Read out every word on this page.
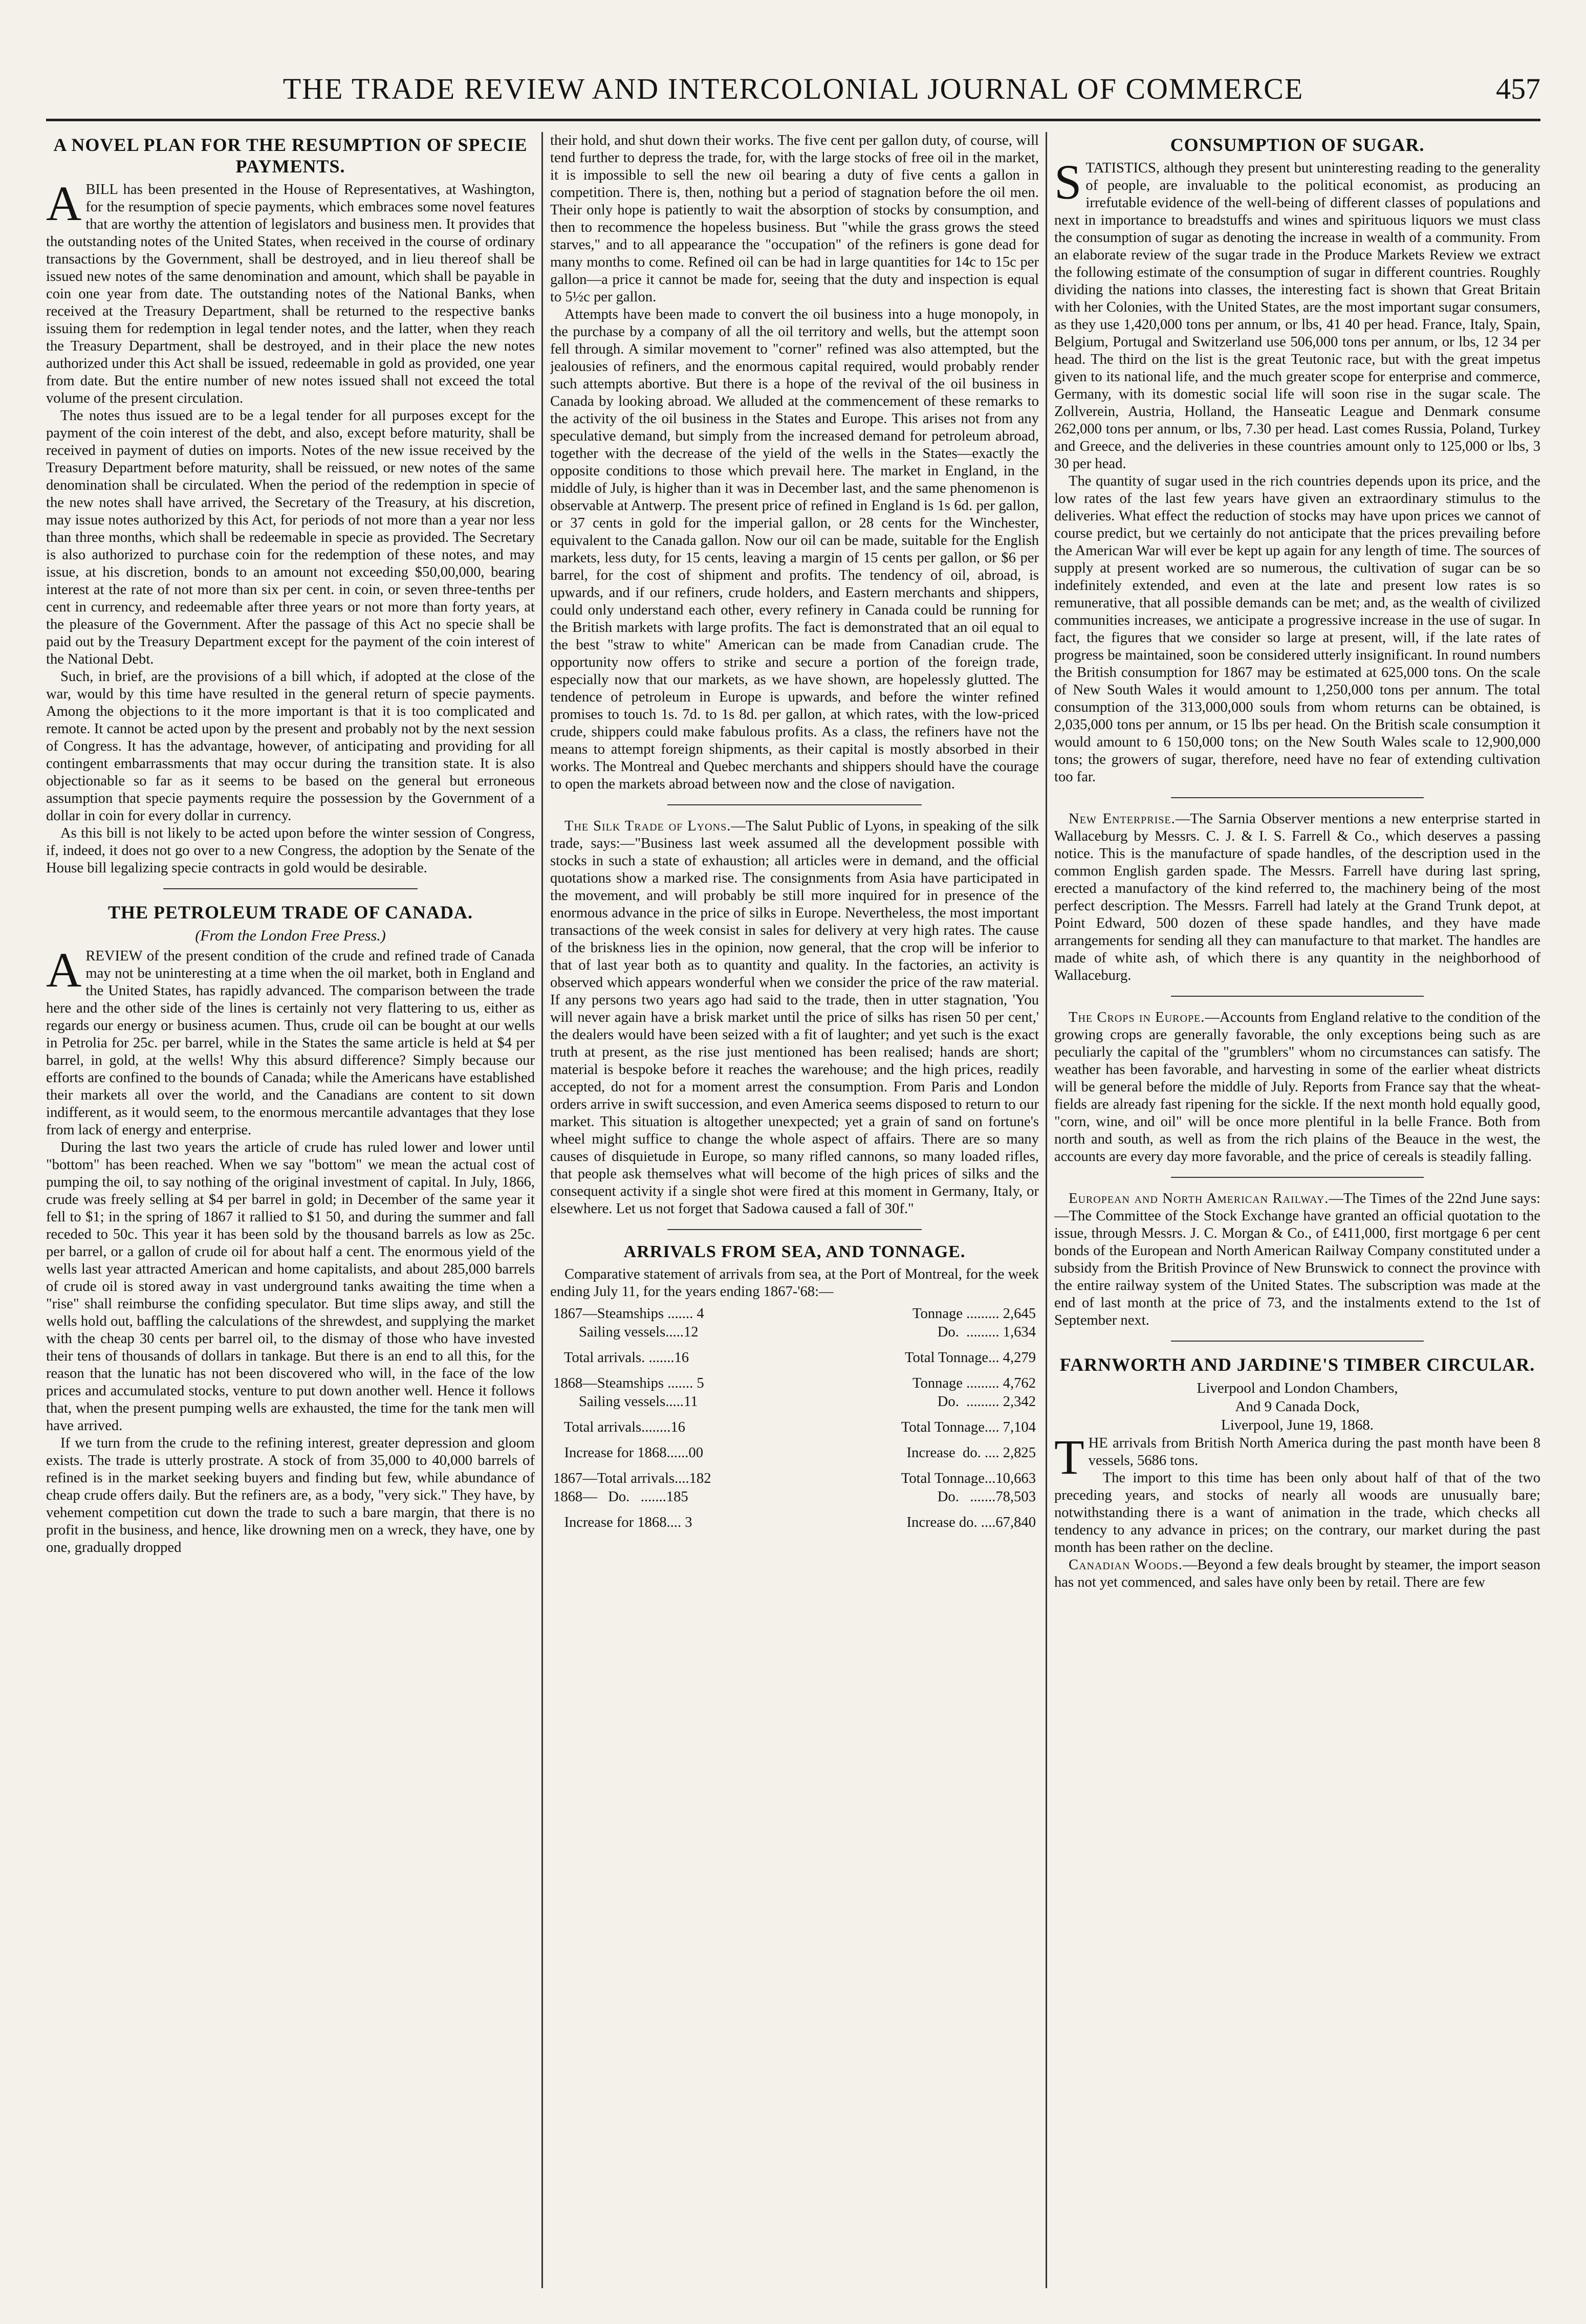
THE TRADE REVIEW AND INTERCOLONIAL JOURNAL OF COMMERCE	457
A NOVEL PLAN FOR THE RESUMPTION OF SPECIE PAYMENTS.

ABILL has been presented in the House of Representatives, at Washington, for the resumption of specie payments, which embraces some novel features that are worthy the attention of legislators and business men. It provides that the outstanding notes of the United States, when received in the course of ordinary transactions by the Government, shall be destroyed, and in lieu thereof shall be issued new notes of the same denomination and amount, which shall be payable in coin one year from date. The outstanding notes of the National Banks, when received at the Treasury Department, shall be returned to the respective banks issuing them for redemption in legal tender notes, and the latter, when they reach the Treasury Department, shall be destroyed, and in their place the new notes authorized under this Act shall be issued, redeemable in gold as provided, one year from date. But the entire number of new notes issued shall not exceed the total volume of the present circulation.

The notes thus issued are to be a legal tender for all purposes except for the payment of the coin interest of the debt, and also, except before maturity, shall be received in payment of duties on imports. Notes of the new issue received by the Treasury Department before maturity, shall be reissued, or new notes of the same denomination shall be circulated. When the period of the redemption in specie of the new notes shall have arrived, the Secretary of the Treasury, at his discretion, may issue notes authorized by this Act, for periods of not more than a year nor less than three months, which shall be redeemable in specie as provided. The Secretary is also authorized to purchase coin for the redemption of these notes, and may issue, at his discretion, bonds to an amount not exceeding $50,00,000, bearing interest at the rate of not more than six per cent. in coin, or seven three-tenths per cent in currency, and redeemable after three years or not more than forty years, at the pleasure of the Government. After the passage of this Act no specie shall be paid out by the Treasury Department except for the payment of the coin interest of the National Debt.

Such, in brief, are the provisions of a bill which, if adopted at the close of the war, would by this time have resulted in the general return of specie payments. Among the objections to it the more important is that it is too complicated and remote. It cannot be acted upon by the present and probably not by the next session of Congress. It has the advantage, however, of anticipating and providing for all contingent embarrassments that may occur during the transition state. It is also objectionable so far as it seems to be based on the general but erroneous assumption that specie payments require the possession by the Government of a dollar in coin for every dollar in currency.

As this bill is not likely to be acted upon before the winter session of Congress, if, indeed, it does not go over to a new Congress, the adoption by the Senate of the House bill legalizing specie contracts in gold would be desirable.

THE PETROLEUM TRADE OF CANADA.
(From the London Free Press.)

AREVIEW of the present condition of the crude and refined trade of Canada may not be uninteresting at a time when the oil market, both in England and the United States, has rapidly advanced. The comparison between the trade here and the other side of the lines is certainly not very flattering to us, either as regards our energy or business acumen. Thus, crude oil can be bought at our wells in Petrolia for 25c. per barrel, while in the States the same article is held at $4 per barrel, in gold, at the wells! Why this absurd difference? Simply because our efforts are confined to the bounds of Canada; while the Americans have established their markets all over the world, and the Canadians are content to sit down indifferent, as it would seem, to the enormous mercantile advantages that they lose from lack of energy and enterprise.

During the last two years the article of crude has ruled lower and lower until "bottom" has been reached. When we say "bottom" we mean the actual cost of pumping the oil, to say nothing of the original investment of capital. In July, 1866, crude was freely selling at $4 per barrel in gold; in December of the same year it fell to $1; in the spring of 1867 it rallied to $1 50, and during the summer and fall receded to 50c. This year it has been sold by the thousand barrels as low as 25c. per barrel, or a gallon of crude oil for about half a cent. The enormous yield of the wells last year attracted American and home capitalists, and about 285,000 barrels of crude oil is stored away in vast underground tanks awaiting the time when a "rise" shall reimburse the confiding speculator. But time slips away, and still the wells hold out, baffling the calculations of the shrewdest, and supplying the market with the cheap 30 cents per barrel oil, to the dismay of those who have invested their tens of thousands of dollars in tankage. But there is an end to all this, for the reason that the lunatic has not been discovered who will, in the face of the low prices and accumulated stocks, venture to put down another well. Hence it follows that, when the present pumping wells are exhausted, the time for the tank men will have arrived.

If we turn from the crude to the refining interest, greater depression and gloom exists. The trade is utterly prostrate. A stock of from 35,000 to 40,000 barrels of refined is in the market seeking buyers and finding but few, while abundance of cheap crude offers daily. But the refiners are, as a body, "very sick." They have, by vehement competition cut down the trade to such a bare margin, that there is no profit in the business, and hence, like drowning men on a wreck, they have, one by one, gradually dropped

their hold, and shut down their works. The five cent per gallon duty, of course, will tend further to depress the trade, for, with the large stocks of free oil in the market, it is impossible to sell the new oil bearing a duty of five cents a gallon in competition. There is, then, nothing but a period of stagnation before the oil men. Their only hope is patiently to wait the absorption of stocks by consumption, and then to recommence the hopeless business. But "while the grass grows the steed starves," and to all appearance the "occupation" of the refiners is gone dead for many months to come. Refined oil can be had in large quantities for 14c to 15c per gallon—a price it cannot be made for, seeing that the duty and inspection is equal to 5½c per gallon.

Attempts have been made to convert the oil business into a huge monopoly, in the purchase by a company of all the oil territory and wells, but the attempt soon fell through. A similar movement to "corner" refined was also attempted, but the jealousies of refiners, and the enormous capital required, would probably render such attempts abortive. But there is a hope of the revival of the oil business in Canada by looking abroad. We alluded at the commencement of these remarks to the activity of the oil business in the States and Europe. This arises not from any speculative demand, but simply from the increased demand for petroleum abroad, together with the decrease of the yield of the wells in the States—exactly the opposite conditions to those which prevail here. The market in England, in the middle of July, is higher than it was in December last, and the same phenomenon is observable at Antwerp. The present price of refined in England is 1s 6d. per gallon, or 37 cents in gold for the imperial gallon, or 28 cents for the Winchester, equivalent to the Canada gallon. Now our oil can be made, suitable for the English markets, less duty, for 15 cents, leaving a margin of 15 cents per gallon, or $6 per barrel, for the cost of shipment and profits. The tendency of oil, abroad, is upwards, and if our refiners, crude holders, and Eastern merchants and shippers, could only understand each other, every refinery in Canada could be running for the British markets with large profits. The fact is demonstrated that an oil equal to the best "straw to white" American can be made from Canadian crude. The opportunity now offers to strike and secure a portion of the foreign trade, especially now that our markets, as we have shown, are hopelessly glutted. The tendence of petroleum in Europe is upwards, and before the winter refined promises to touch 1s. 7d. to 1s 8d. per gallon, at which rates, with the low-priced crude, shippers could make fabulous profits. As a class, the refiners have not the means to attempt foreign shipments, as their capital is mostly absorbed in their works. The Montreal and Quebec merchants and shippers should have the courage to open the markets abroad between now and the close of navigation.

The Silk Trade of Lyons.—The Salut Public of Lyons, in speaking of the silk trade, says:—"Business last week assumed all the development possible with stocks in such a state of exhaustion; all articles were in demand, and the official quotations show a marked rise. The consignments from Asia have participated in the movement, and will probably be still more inquired for in presence of the enormous advance in the price of silks in Europe. Nevertheless, the most important transactions of the week consist in sales for delivery at very high rates. The cause of the briskness lies in the opinion, now general, that the crop will be inferior to that of last year both as to quantity and quality. In the factories, an activity is observed which appears wonderful when we consider the price of the raw material. If any persons two years ago had said to the trade, then in utter stagnation, 'You will never again have a brisk market until the price of silks has risen 50 per cent,' the dealers would have been seized with a fit of laughter; and yet such is the exact truth at present, as the rise just mentioned has been realised; hands are short; material is bespoke before it reaches the warehouse; and the high prices, readily accepted, do not for a moment arrest the consumption. From Paris and London orders arrive in swift succession, and even America seems disposed to return to our market. This situation is altogether unexpected; yet a grain of sand on fortune's wheel might suffice to change the whole aspect of affairs. There are so many causes of disquietude in Europe, so many rifled cannons, so many loaded rifles, that people ask themselves what will become of the high prices of silks and the consequent activity if a single shot were fired at this moment in Germany, Italy, or elsewhere. Let us not forget that Sadowa caused a fall of 30f."

ARRIVALS FROM SEA, AND TONNAGE.
Comparative statement of arrivals from sea, at the Port of Montreal, for the week ending July 11, for the years ending 1867-'68:—
1867—Steamships ....... 4	Tonnage ......... 2,645
Sailing vessels.....12	Do.  ......... 1,634
Total arrivals. .......16	Total Tonnage... 4,279
1868—Steamships ....... 5	Tonnage ......... 4,762
Sailing vessels.....11	Do.  ......... 2,342
Total arrivals........16	Total Tonnage.... 7,104
Increase for 1868......00	Increase  do. .... 2,825
1867—Total arrivals....182	Total Tonnage...10,663
1868—   Do.   .......185	Do.   .......78,503
Increase for 1868.... 3	Increase do. ....67,840
CONSUMPTION OF SUGAR.

STATISTICS, although they present but uninteresting reading to the generality of people, are invaluable to the political economist, as producing an irrefutable evidence of the well-being of different classes of populations and next in importance to breadstuffs and wines and spirituous liquors we must class the consumption of sugar as denoting the increase in wealth of a community. From an elaborate review of the sugar trade in the Produce Markets Review we extract the following estimate of the consumption of sugar in different countries. Roughly dividing the nations into classes, the interesting fact is shown that Great Britain with her Colonies, with the United States, are the most important sugar consumers, as they use 1,420,000 tons per annum, or lbs, 41 40 per head. France, Italy, Spain, Belgium, Portugal and Switzerland use 506,000 tons per annum, or lbs, 12 34 per head. The third on the list is the great Teutonic race, but with the great impetus given to its national life, and the much greater scope for enterprise and commerce, Germany, with its domestic social life will soon rise in the sugar scale. The Zollverein, Austria, Holland, the Hanseatic League and Denmark consume 262,000 tons per annum, or lbs, 7.30 per head. Last comes Russia, Poland, Turkey and Greece, and the deliveries in these countries amount only to 125,000 or lbs, 3 30 per head.

The quantity of sugar used in the rich countries depends upon its price, and the low rates of the last few years have given an extraordinary stimulus to the deliveries. What effect the reduction of stocks may have upon prices we cannot of course predict, but we certainly do not anticipate that the prices prevailing before the American War will ever be kept up again for any length of time. The sources of supply at present worked are so numerous, the cultivation of sugar can be so indefinitely extended, and even at the late and present low rates is so remunerative, that all possible demands can be met; and, as the wealth of civilized communities increases, we anticipate a progressive increase in the use of sugar. In fact, the figures that we consider so large at present, will, if the late rates of progress be maintained, soon be considered utterly insignificant. In round numbers the British consumption for 1867 may be estimated at 625,000 tons. On the scale of New South Wales it would amount to 1,250,000 tons per annum. The total consumption of the 313,000,000 souls from whom returns can be obtained, is 2,035,000 tons per annum, or 15 lbs per head. On the British scale consumption it would amount to 6 150,000 tons; on the New South Wales scale to 12,900,000 tons; the growers of sugar, therefore, need have no fear of extending cultivation too far.

New Enterprise.—The Sarnia Observer mentions a new enterprise started in Wallaceburg by Messrs. C. J. & I. S. Farrell & Co., which deserves a passing notice. This is the manufacture of spade handles, of the description used in the common English garden spade. The Messrs. Farrell have during last spring, erected a manufactory of the kind referred to, the machinery being of the most perfect description. The Messrs. Farrell had lately at the Grand Trunk depot, at Point Edward, 500 dozen of these spade handles, and they have made arrangements for sending all they can manufacture to that market. The handles are made of white ash, of which there is any quantity in the neighborhood of Wallaceburg.

The Crops in Europe.—Accounts from England relative to the condition of the growing crops are generally favorable, the only exceptions being such as are peculiarly the capital of the "grumblers" whom no circumstances can satisfy. The weather has been favorable, and harvesting in some of the earlier wheat districts will be general before the middle of July. Reports from France say that the wheat-fields are already fast ripening for the sickle. If the next month hold equally good, "corn, wine, and oil" will be once more plentiful in la belle France. Both from north and south, as well as from the rich plains of the Beauce in the west, the accounts are every day more favorable, and the price of cereals is steadily falling.

European and North American Railway.—The Times of the 22nd June says:—The Committee of the Stock Exchange have granted an official quotation to the issue, through Messrs. J. C. Morgan & Co., of £411,000, first mortgage 6 per cent bonds of the European and North American Railway Company constituted under a subsidy from the British Province of New Brunswick to connect the province with the entire railway system of the United States. The subscription was made at the end of last month at the price of 73, and the instalments extend to the 1st of September next.

FARNWORTH AND JARDINE'S TIMBER CIRCULAR.
Liverpool and London Chambers,
And 9 Canada Dock,
Liverpool, June 19, 1868.

THE arrivals from British North America during the past month have been 8 vessels, 5686 tons.

The import to this time has been only about half of that of the two preceding years, and stocks of nearly all woods are unusually bare; notwithstanding there is a want of animation in the trade, which checks all tendency to any advance in prices; on the contrary, our market during the past month has been rather on the decline.

Canadian Woods.—Beyond a few deals brought by steamer, the import season has not yet commenced, and sales have only been by retail. There are few
